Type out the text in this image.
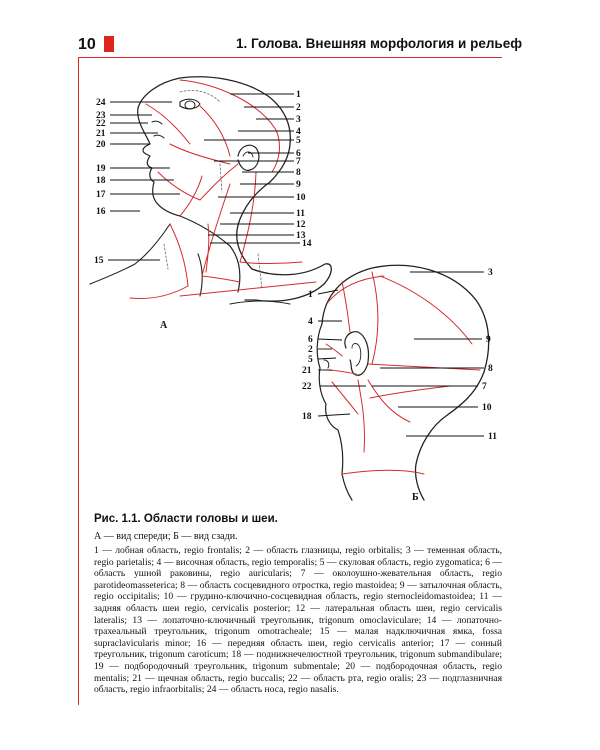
10	1. Голова. Внешняя морфология и рельеф
24
23
22
21
20
19
18
17
16
15
1
2
3
4
5
6
7
8
9
10
11
12
13
14
А
3
1
4
6
2
5
21
22
18
9
8
7
10
11
Б
Рис. 1.1. Области головы и шеи.
А — вид спереди; Б — вид сзади.
1 — лобная область, regio frontalis; 2 — область глазницы, regio orbitalis; 3 — теменная область, regio parietalis; 4 — височная область, regio temporalis; 5 — скуловая область, regio zygomatica; 6 — область ушной раковины, regio auricularis; 7 — околоушно-жевательная область, regio parotideomasseterica; 8 — область сосцевидного отростка, regio mastoidea; 9 — затылочная область, regio occipitalis; 10 — грудино-ключично-сосцевидная область, regio sternocleidomastoidea; 11 — задняя область шеи regio, cervicalis posterior; 12 — латеральная область шеи, regio cervicalis lateralis; 13 — лопаточно-ключичный треугольник, trigonum omoclaviculare; 14 — лопаточно-трахеальный треугольник, trigonum omotracheale; 15 — малая надключичная ямка, fossa supraclavicularis minor; 16 — передняя область шеи, regio cervicalis anterior; 17 — сонный треугольник, trigonum caroticum; 18 — поднижнечелюстной треугольник, trigonum submandibulare; 19 — подбородочный треугольник, trigonum submentale; 20 — подбородочная область, regio mentalis; 21 — щечная область, regio buccalis; 22 — область рта, regio oralis; 23 — подглазничная область, regio infraorbitalis; 24 — область носа, regio nasalis.
